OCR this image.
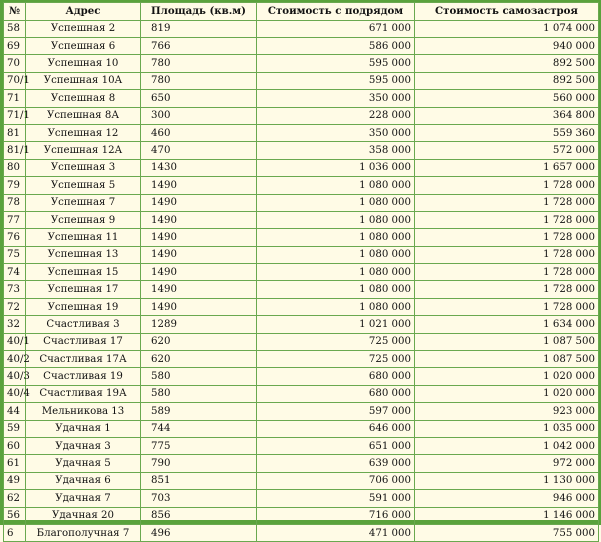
№	Адрес	Площадь (кв.м)	Стоимость с подрядом	Стоимость самозастроя
58	Успешная 2	819	671 000	1 074 000
69	Успешная 6	766	586 000	940 000
70	Успешная 10	780	595 000	892 500
70/1	Успешная 10А	780	595 000	892 500
71	Успешная 8	650	350 000	560 000
71/1	Успешная 8А	300	228 000	364 800
81	Успешная 12	460	350 000	559 360
81/1	Успешная 12А	470	358 000	572 000
80	Успешная 3	1430	1 036 000	1 657 000
79	Успешная 5	1490	1 080 000	1 728 000
78	Успешная 7	1490	1 080 000	1 728 000
77	Успешная 9	1490	1 080 000	1 728 000
76	Успешная 11	1490	1 080 000	1 728 000
75	Успешная 13	1490	1 080 000	1 728 000
74	Успешная 15	1490	1 080 000	1 728 000
73	Успешная 17	1490	1 080 000	1 728 000
72	Успешная 19	1490	1 080 000	1 728 000
32	Счастливая 3	1289	1 021 000	1 634 000
40/1	Счастливая 17	620	725 000	1 087 500
40/2	Счастливая 17А	620	725 000	1 087 500
40/3	Счастливая 19	580	680 000	1 020 000
40/4	Счастливая 19А	580	680 000	1 020 000
44	Мельникова 13	589	597 000	923 000
59	Удачная 1	744	646 000	1 035 000
60	Удачная 3	775	651 000	1 042 000
61	Удачная 5	790	639 000	972 000
49	Удачная 6	851	706 000	1 130 000
62	Удачная 7	703	591 000	946 000
56	Удачная 20	856	716 000	1 146 000
6	Благополучная 7	496	471 000	755 000
